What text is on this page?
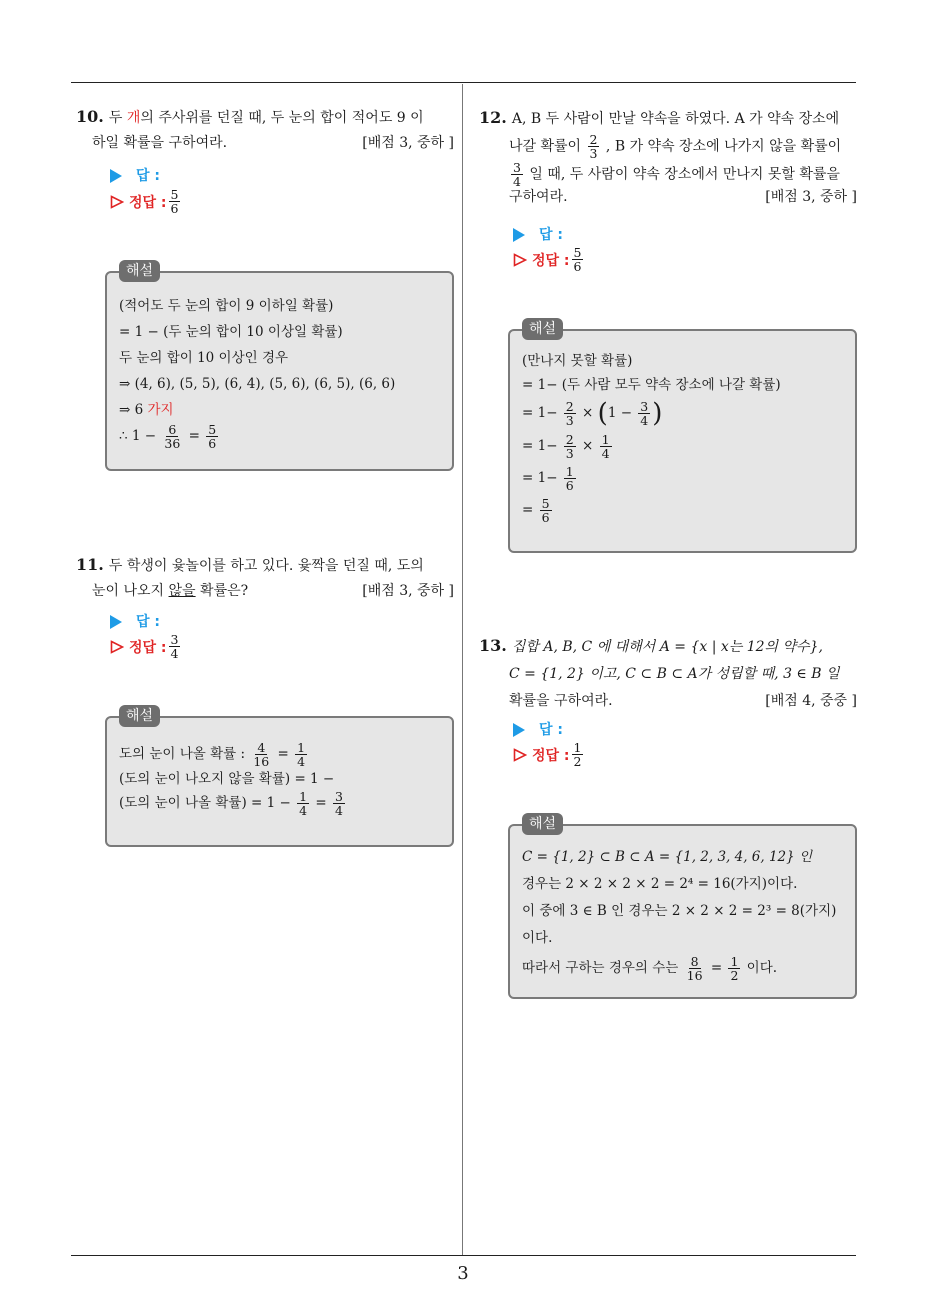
3
10. 두 개의 주사위를 던질 때, 두 눈의 합이 적어도 9 이
하일 확률을 구하여라.	[배점 3, 중하 ]
답 :
정답 : $\frac{5}{6}$
해설
(적어도 두 눈의 합이 9 이하일 확률)
= 1 − (두 눈의 합이 10 이상일 확률)
두 눈의 합이 10 이상인 경우
⇒ (4, 6), (5, 5), (6, 4), (5, 6), (6, 5), (6, 6)
⇒ 6 가지
∴ $1 - \frac{6}{36} = \frac{5}{6}$
11. 두 학생이 윷놀이를 하고 있다. 윷짝을 던질 때, 도의
눈이 나오지 않을 확률은?	[배점 3, 중하 ]
답 :
정답 : $\frac{3}{4}$
해설
도의 눈이 나올 확률 : $\frac{4}{16} = \frac{1}{4}$
(도의 눈이 나오지 않을 확률) = 1 −
(도의 눈이 나올 확률) = $1 - \frac{1}{4} = \frac{3}{4}$
12. A, B 두 사람이 만날 약속을 하였다. A 가 약속 장소에
나갈 확률이 $\frac{2}{3}$ , B 가 약속 장소에 나가지 않을 확률이
$\frac{3}{4}$ 일 때, 두 사람이 약속 장소에서 만나지 못할 확률을
구하여라.	[배점 3, 중하 ]
답 :
정답 : $\frac{5}{6}$
해설
(만나지 못할 확률)
= 1− (두 사람 모두 약속 장소에 나갈 확률)
= $1- \frac{2}{3} \times (1 - \frac{3}{4}$ )
= $1- \frac{2}{3} \times \frac{1}{4}$
= $1- \frac{1}{6}$
= $\frac{5}{6}$
13. 집합 A, B, C 에 대해서 A = {x | x는 12의 약수},
C = {1, 2} 이고, C ⊂ B ⊂ A가 성립할 때, 3 ∈ B 일
확률을 구하여라.	[배점 4, 중중 ]
답 :
정답 : $\frac{1}{2}$
해설
C = {1, 2} ⊂ B ⊂ A = {1, 2, 3, 4, 6, 12} 인
경우는 2 × 2 × 2 × 2 = 2⁴ = 16(가지)이다.
이 중에 3 ∈ B 인 경우는 2 × 2 × 2 = 2³ = 8(가지)
이다.
따라서 구하는 경우의 수는 $\frac{8}{16} = \frac{1}{2}$ 이다.
